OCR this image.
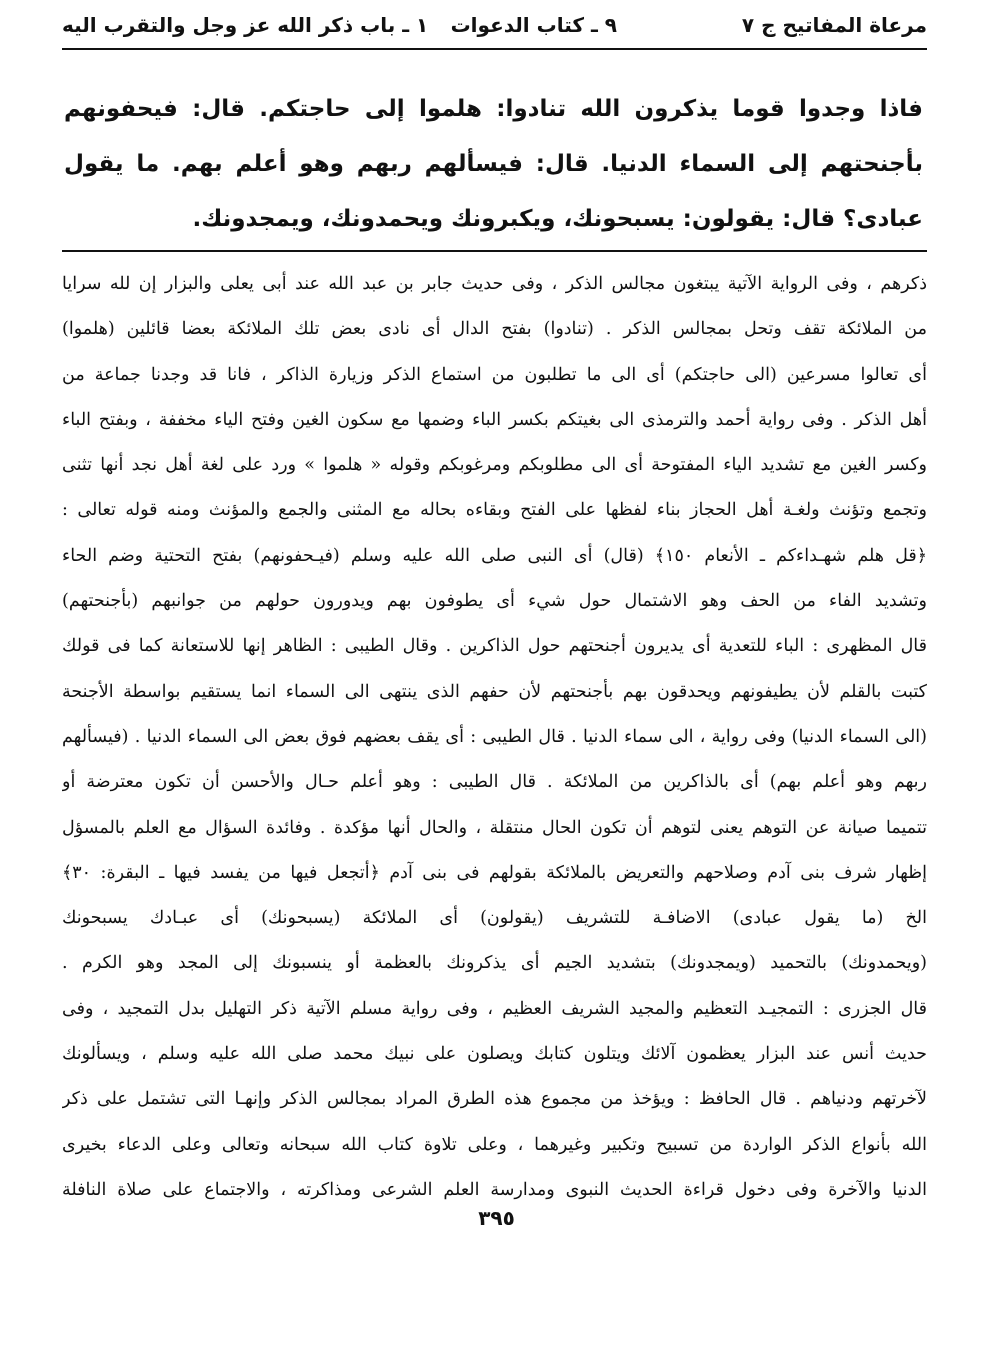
مرعاة المفاتيح ج ٧
٩ ـ كتاب الدعوات
١ ـ باب ذكر الله عز وجل والتقرب اليه

فاذا وجدوا قوما يذكرون الله تنادوا: هلموا إلى حاجتكم. قال: فيحفونهم بأجنحتهم إلى السماء الدنيا. قال: فيسألهم ربهم وهو أعلم بهم. ما يقول عبادى؟ قال: يقولون: يسبحونك، ويكبرونك ويحمدونك، ويمجدونك.

ذكرهم ، وفى الرواية الآتية يبتغون مجالس الذكر ، وفى حديث جابر بن عبد الله عند أبى يعلى والبزار إن لله سرايا
من الملائكة تقف وتحل بمجالس الذكر . (تنادوا) بفتح الدال أى نادى بعض تلك الملائكة بعضا قائلين (هلموا)
أى تعالوا مسرعين (الى حاجتكم) أى الى ما تطلبون من استماع الذكر وزيارة الذاكر ، فانا قد وجدنا جماعة من
أهل الذكر . وفى رواية أحمد والترمذى الى بغيتكم بكسر الباء وضمها مع سكون الغين وفتح الياء مخففة ، وبفتح الباء
وكسر الغين مع تشديد الياء المفتوحة أى الى مطلوبكم ومرغوبكم وقوله « هلموا » ورد على لغة أهل نجد أنها تثنى
وتجمع وتؤنث ولغـة أهل الحجاز بناء لفظها على الفتح وبقاءه بحاله مع المثنى والجمع والمؤنث ومنه قوله تعالى :
﴿قل هلم شهـداءكم ـ الأنعام ١٥٠﴾ (قال) أى النبى صلى الله عليه وسلم (فيـحفونهم) بفتح التحتية وضم الحاء
وتشديد الفاء من الحف وهو الاشتمال حول شيء أى يطوفون بهم ويدورون حولهم من جوانبهم (بأجنحتهم)
قال المظهرى : الباء للتعدية أى يديرون أجنحتهم حول الذاكرين . وقال الطيبى : الظاهر إنها للاستعانة كما فى قولك
كتبت بالقلم لأن يطيفونهم ويحدقون بهم بأجنحتهم لأن حفهم الذى ينتهى الى السماء انما يستقيم بواسطة الأجنحة
(الى السماء الدنيا) وفى رواية ، الى سماء الدنيا . قال الطيبى : أى يقف بعضهم فوق بعض الى السماء الدنيا . (فيسألهم
ربهم وهو أعلم بهم) أى بالذاكرين من الملائكة . قال الطيبى : وهو أعلم حـال والأحسن أن تكون معترضة أو
تتميما صيانة عن التوهم يعنى لتوهم أن تكون الحال منتقلة ، والحال أنها مؤكدة . وفائدة السؤال مع العلم بالمسؤل
إظهار شرف بنى آدم وصلاحهم والتعريض بالملائكة بقولهم فى بنى آدم ﴿أتجعل فيها من يفسد فيها ـ البقرة: ٣٠﴾
الخ (ما يقول عبادى) الاضافـة للتشريف (يقولون) أى الملائكة (يسبحونك) أى عبـادك يسبحونك
(ويحمدونك) بالتحميد (ويمجدونك) بتشديد الجيم أى يذكرونك بالعظمة أو ينسبونك إلى المجد وهو الكرم .
قال الجزرى : التمجيـد التعظيم والمجيد الشريف العظيم ، وفى رواية مسلم الآتية ذكر التهليل بدل التمجيد ، وفى
حديث أنس عند البزار يعظمون آلائك ويتلون كتابك ويصلون على نبيك محمد صلى الله عليه وسلم ، ويسألونك
لآخرتهم ودنياهم . قال الحافظ : ويؤخذ من مجموع هذه الطرق المراد بمجالس الذكر وإنهـا التى تشتمل على ذكر
الله بأنواع الذكر الواردة من تسبيح وتكبير وغيرهما ، وعلى تلاوة كتاب الله سبحانه وتعالى وعلى الدعاء بخيرى
الدنيا والآخرة وفى دخول قراءة الحديث النبوى ومدارسة العلم الشرعى ومذاكرته ، والاجتماع على صلاة النافلة
٣٩٥
